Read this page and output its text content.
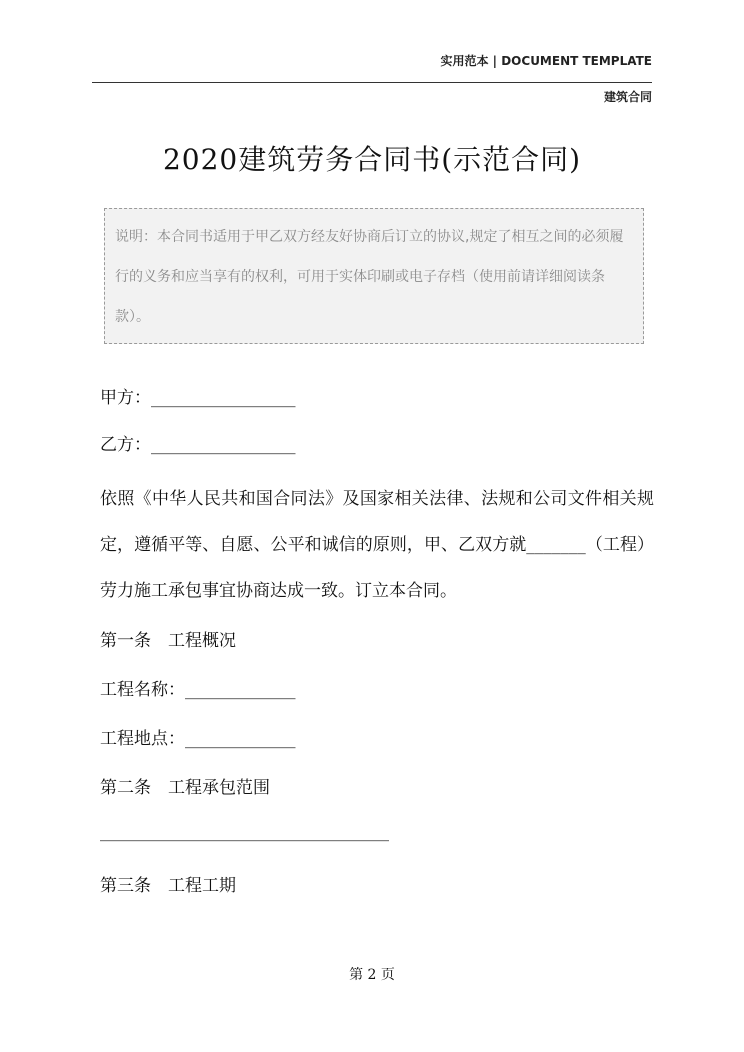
实用范本 | DOCUMENT TEMPLATE
建筑合同
2020建筑劳务合同书(示范合同)
说明：本合同书适用于甲乙双方经友好协商后订立的协议,规定了相互之间的必须履行的义务和应当享有的权利，可用于实体印刷或电子存档（使用前请详细阅读条款）。
甲方：_________________
乙方：_________________
依照《中华人民共和国合同法》及国家相关法律、法规和公司文件相关规定，遵循平等、自愿、公平和诚信的原则，甲、乙双方就_______（工程）劳力施工承包事宜协商达成一致。订立本合同。
第一条　工程概况
工程名称：_____________
工程地点：_____________
第二条　工程承包范围
__________________________________
第三条　工程工期
第 2 页
